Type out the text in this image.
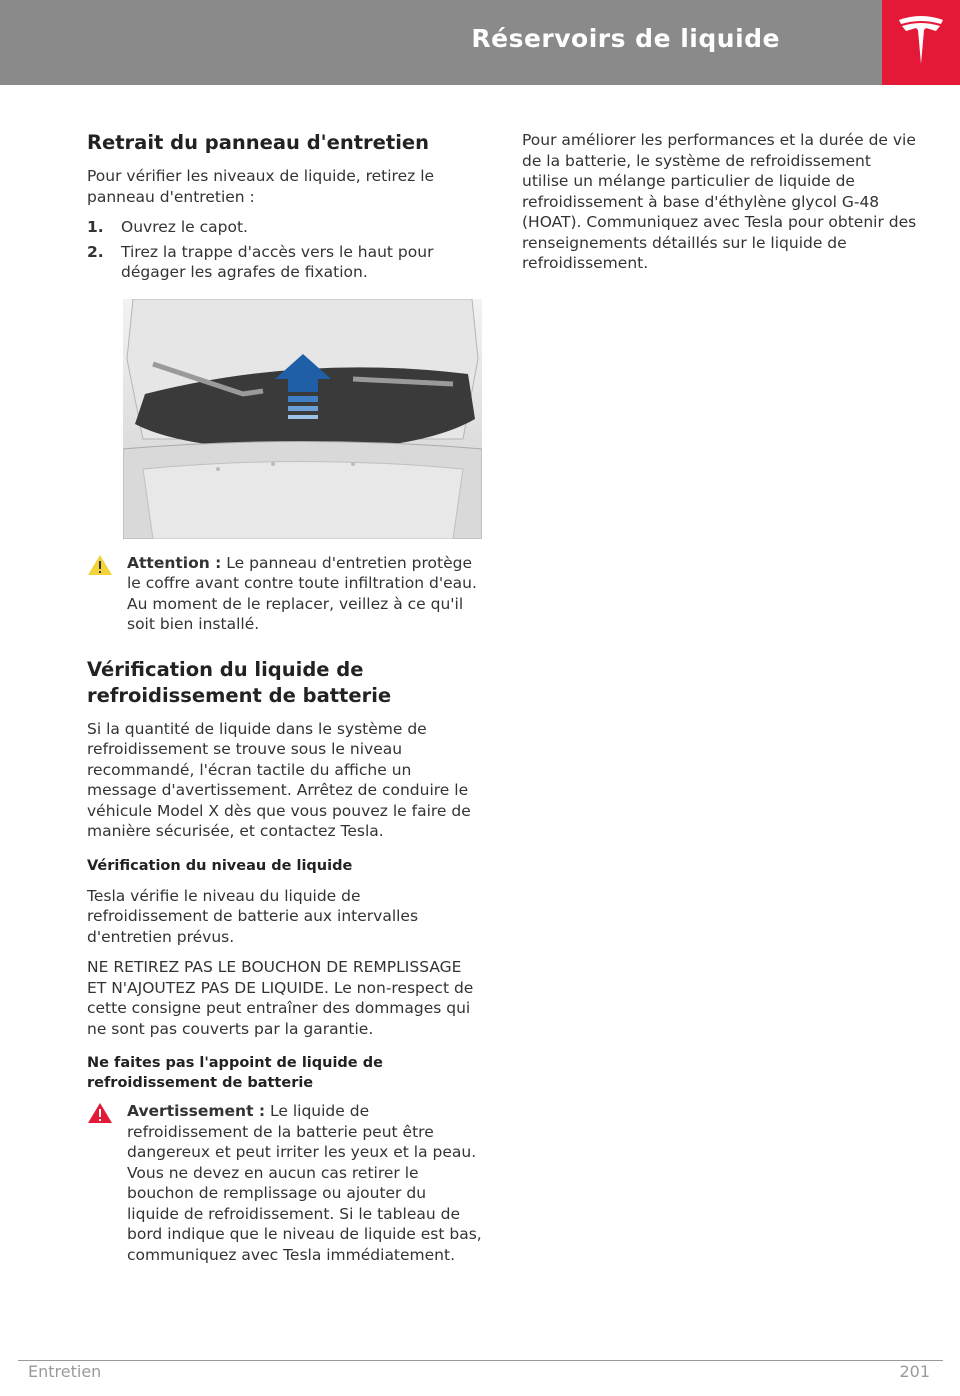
Réservoirs de liquide
Retrait du panneau d'entretien

Pour vérifier les niveaux de liquide, retirez le panneau d'entretien :

1. Ouvrez le capot.
2. Tirez la trappe d'accès vers le haut pour dégager les agrafes de fixation.
Attention : Le panneau d'entretien protège le coffre avant contre toute infiltration d'eau. Au moment de le replacer, veillez à ce qu'il soit bien installé.
Vérification du liquide de refroidissement de batterie

Si la quantité de liquide dans le système de refroidissement se trouve sous le niveau recommandé, l'écran tactile du affiche un message d'avertissement. Arrêtez de conduire le véhicule Model X dès que vous pouvez le faire de manière sécurisée, et contactez Tesla.

Vérification du niveau de liquide

Tesla vérifie le niveau du liquide de refroidissement de batterie aux intervalles d'entretien prévus.

NE RETIREZ PAS LE BOUCHON DE REMPLISSAGE ET N'AJOUTEZ PAS DE LIQUIDE. Le non-respect de cette consigne peut entraîner des dommages qui ne sont pas couverts par la garantie.

Ne faites pas l'appoint de liquide de refroidissement de batterie
Avertissement : Le liquide de refroidissement de la batterie peut être dangereux et peut irriter les yeux et la peau. Vous ne devez en aucun cas retirer le bouchon de remplissage ou ajouter du liquide de refroidissement. Si le tableau de bord indique que le niveau de liquide est bas, communiquez avec Tesla immédiatement.

Pour améliorer les performances et la durée de vie de la batterie, le système de refroidissement utilise un mélange particulier de liquide de refroidissement à base d'éthylène glycol G-48 (HOAT). Communiquez avec Tesla pour obtenir des renseignements détaillés sur le liquide de refroidissement.

Entretien	201
